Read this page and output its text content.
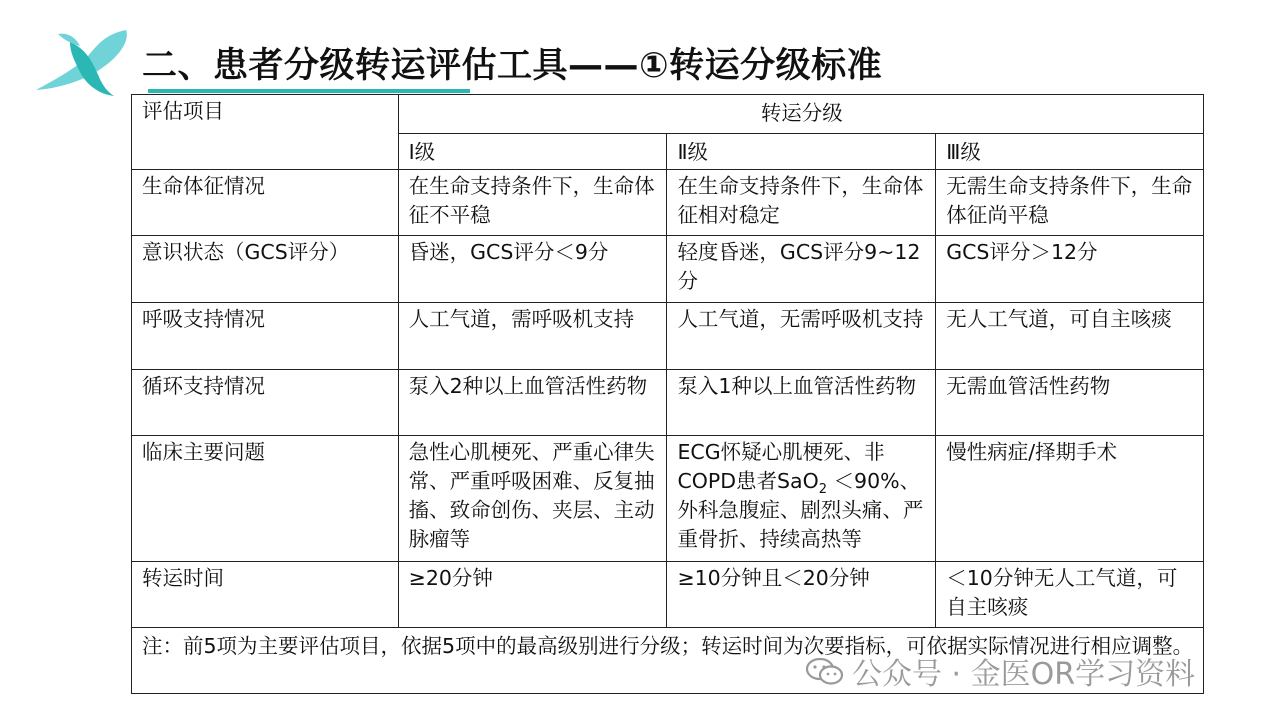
二、患者分级转运评估工具——①转运分级标准
评估项目	转运分级		
	Ⅰ级	Ⅱ级	Ⅲ级
生命体征情况	在生命支持条件下，生命体征不平稳	在生命支持条件下，生命体征相对稳定	无需生命支持条件下，生命体征尚平稳
意识状态（GCS评分）	昏迷，GCS评分＜9分	轻度昏迷，GCS评分9~12分	GCS评分＞12分
呼吸支持情况	人工气道，需呼吸机支持	人工气道，无需呼吸机支持	无人工气道，可自主咳痰
循环支持情况	泵入2种以上血管活性药物	泵入1种以上血管活性药物	无需血管活性药物
临床主要问题	急性心肌梗死、严重心律失常、严重呼吸困难、反复抽搐、致命创伤、夹层、主动脉瘤等	ECG怀疑心肌梗死、非COPD患者SaO$_2$ ＜90%、外科急腹症、剧烈头痛、严重骨折、持续高热等	慢性病症/择期手术
转运时间	≥20分钟	≥10分钟且＜20分钟	＜10分钟无人工气道，可自主咳痰
注：前5项为主要评估项目，依据5项中的最高级别进行分级；转运时间为次要指标，可依据实际情况进行相应调整。			
公众号 · 金医OR学习资料
